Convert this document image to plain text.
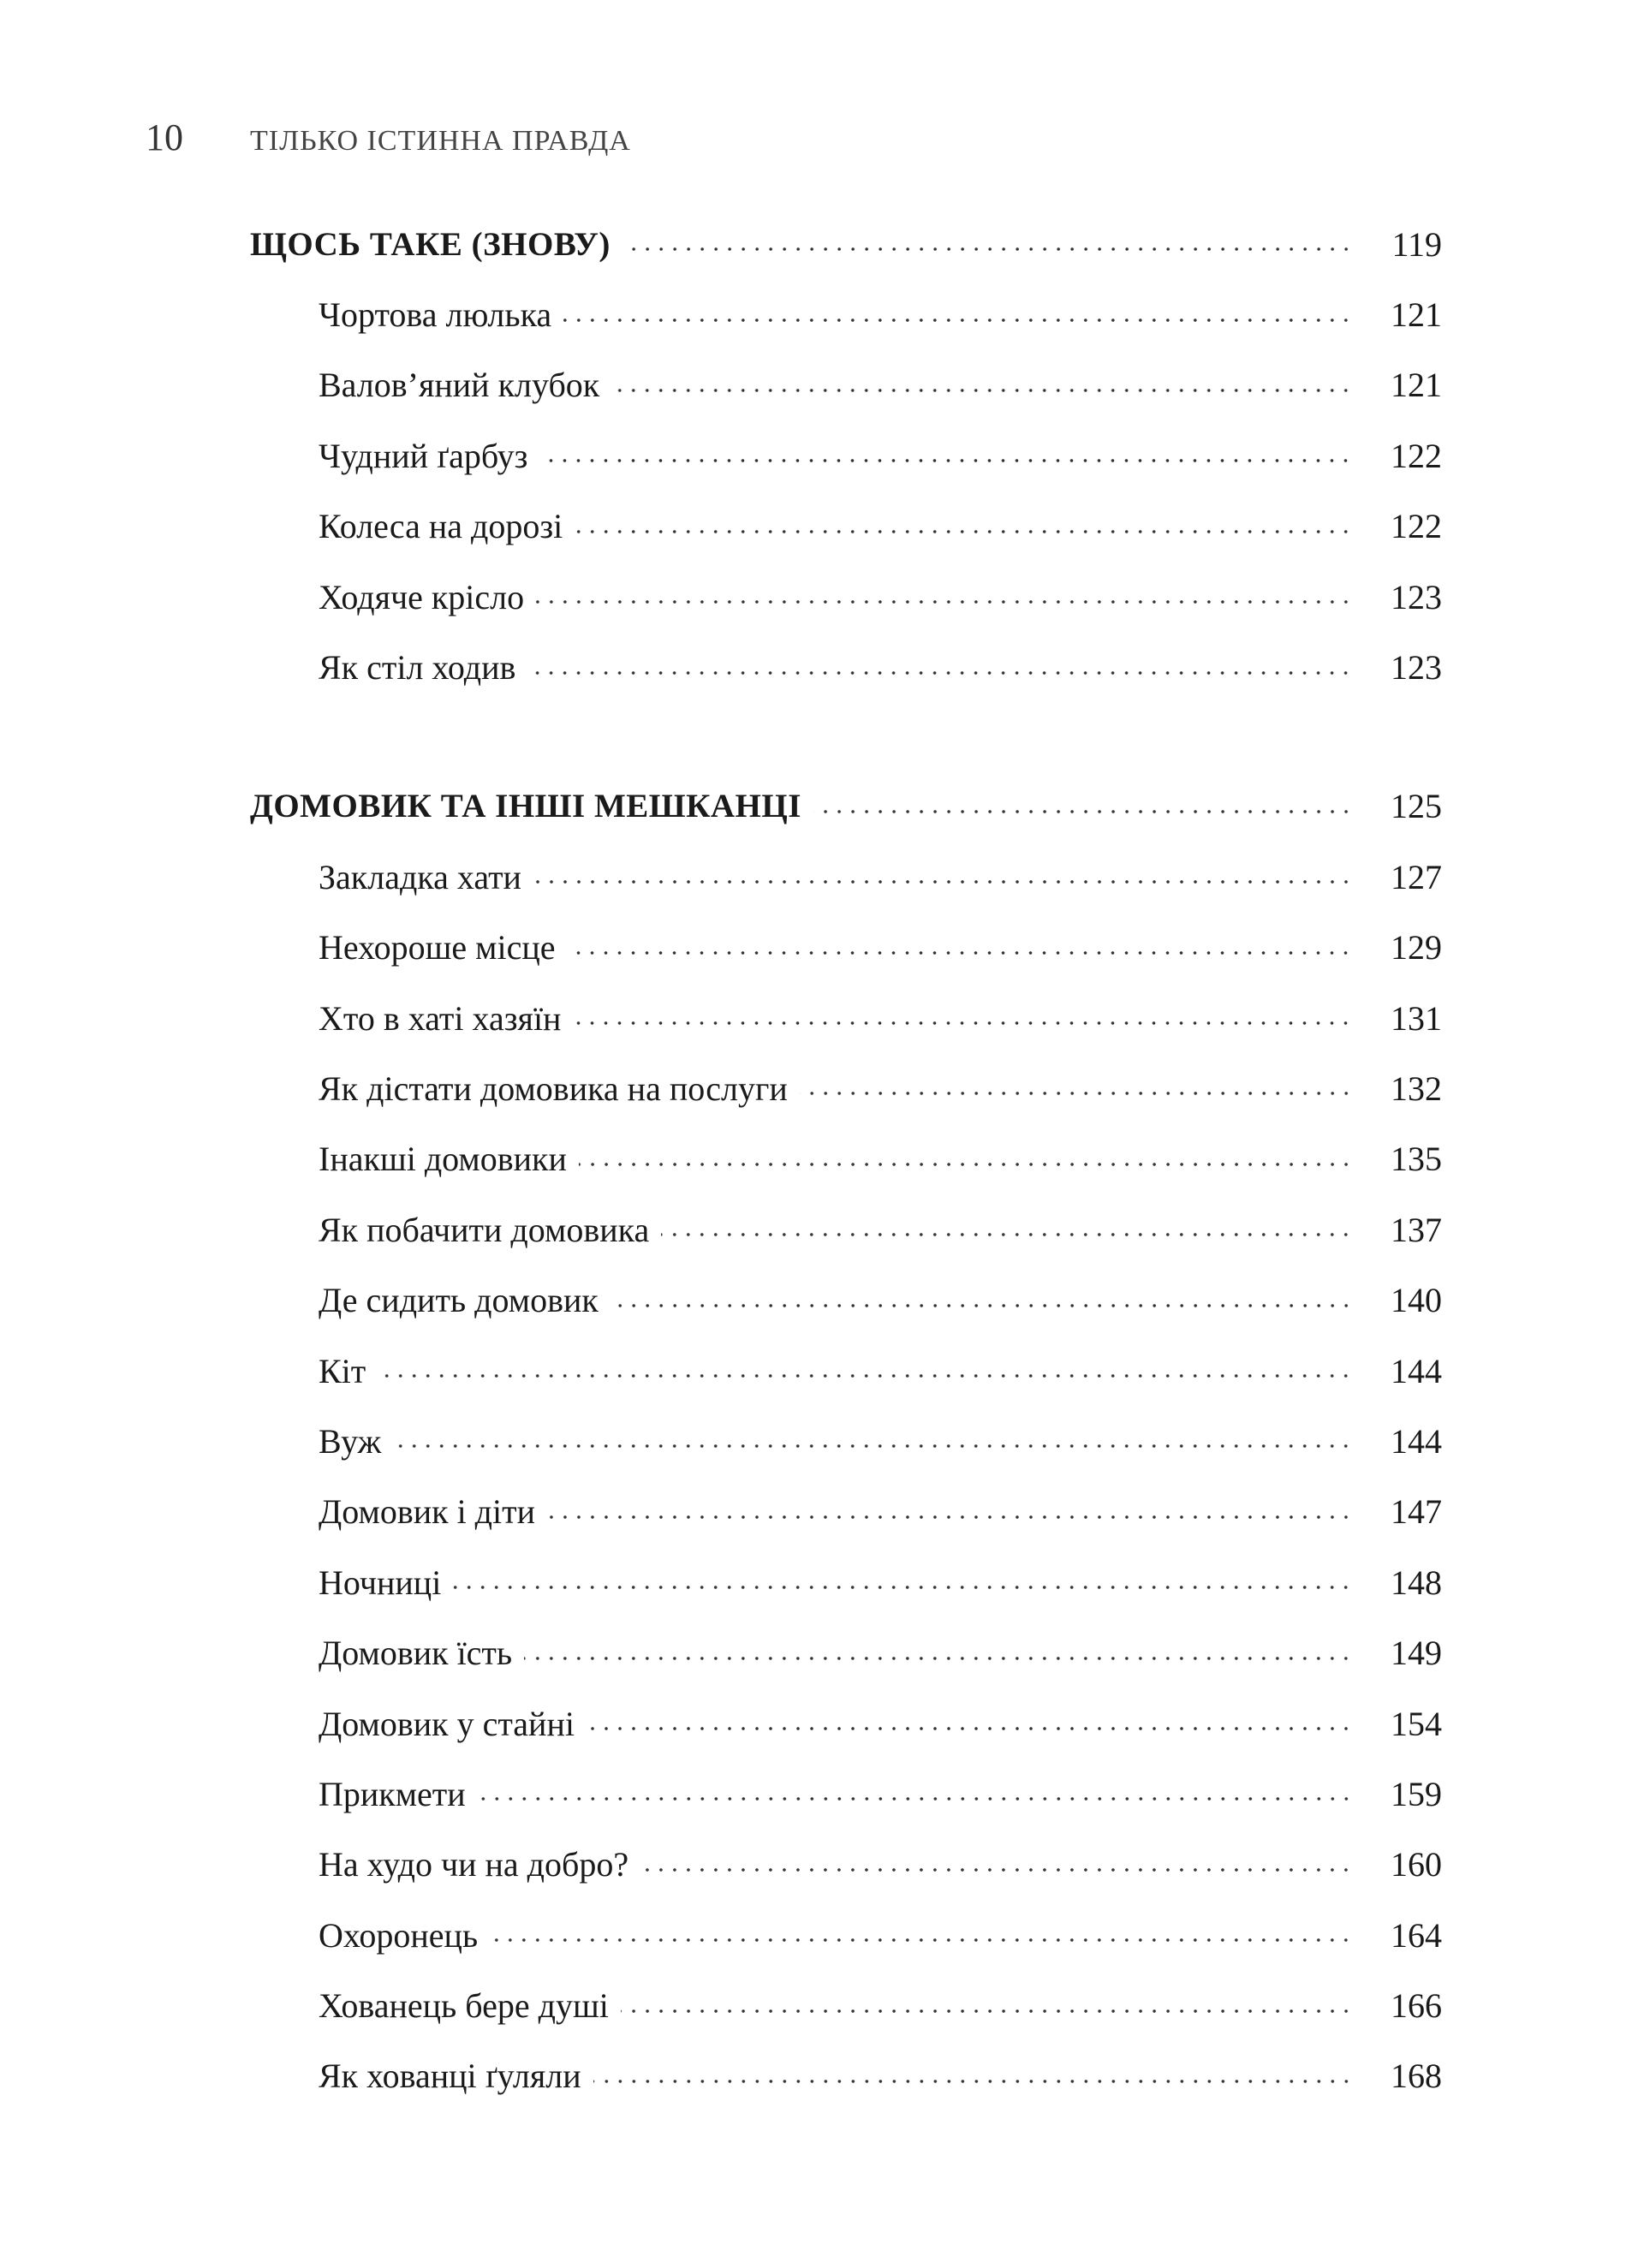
10	ТІЛЬКО ІСТИННА ПРАВДА
ЩОСЬ ТАКЕ (ЗНОВУ)	119
Чортова люлька	121
Валов’яний клубок	121
Чудний ґарбуз	122
Колеса на дорозі	122
Ходяче крісло	123
Як стіл ходив	123
ДОМОВИК ТА ІНШІ МЕШКАНЦІ	125
Закладка хати	127
Нехороше місце	129
Хто в хаті хазяїн	131
Як дістати домовика на послуги	132
Інакші домовики	135
Як побачити домовика	137
Де сидить домовик	140
Кіт	144
Вуж	144
Домовик і діти	147
Ночниці	148
Домовик їсть	149
Домовик у стайні	154
Прикмети	159
На худо чи на добро?	160
Охоронець	164
Хованець бере душі	166
Як хованці ґуляли	168
